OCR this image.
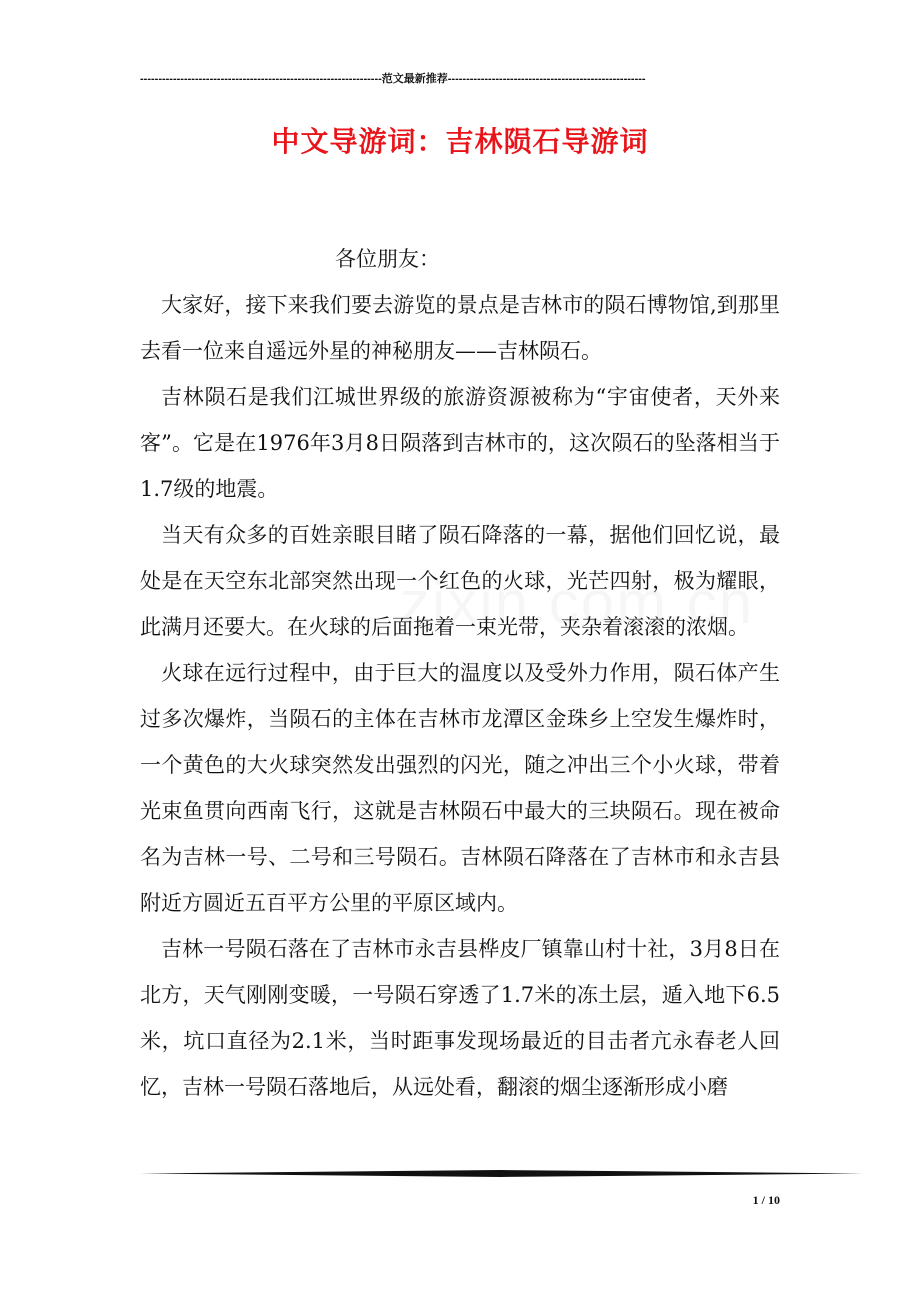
------------------------------------------------------------------范文最新推荐------------------------------------------------------
中文导游词：吉林陨石导游词

各位朋友：

大家好，接下来我们要去游览的景点是吉林市的陨石博物馆,到那里去看一位来自遥远外星的神秘朋友——吉林陨石。

吉林陨石是我们江城世界级的旅游资源被称为“宇宙使者，天外来客”。它是在1976年3月8日陨落到吉林市的，这次陨石的坠落相当于1.7级的地震。

当天有众多的百姓亲眼目睹了陨石降落的一幕，据他们回忆说，最处是在天空东北部突然出现一个红色的火球，光芒四射，极为耀眼，此满月还要大。在火球的后面拖着一束光带，夹杂着滚滚的浓烟。

火球在远行过程中，由于巨大的温度以及受外力作用，陨石体产生过多次爆炸，当陨石的主体在吉林市龙潭区金珠乡上空发生爆炸时，一个黄色的大火球突然发出强烈的闪光，随之冲出三个小火球，带着光束鱼贯向西南飞行，这就是吉林陨石中最大的三块陨石。现在被命名为吉林一号、二号和三号陨石。吉林陨石降落在了吉林市和永吉县附近方圆近五百平方公里的平原区域内。

吉林一号陨石落在了吉林市永吉县桦皮厂镇靠山村十社，3月8日在北方，天气刚刚变暖，一号陨石穿透了1.7米的冻土层，遁入地下6.5米，坑口直径为2.1米，当时距事发现场最近的目击者亢永春老人回忆，吉林一号陨石落地后，从远处看，翻滚的烟尘逐渐形成小磨

1 / 10
